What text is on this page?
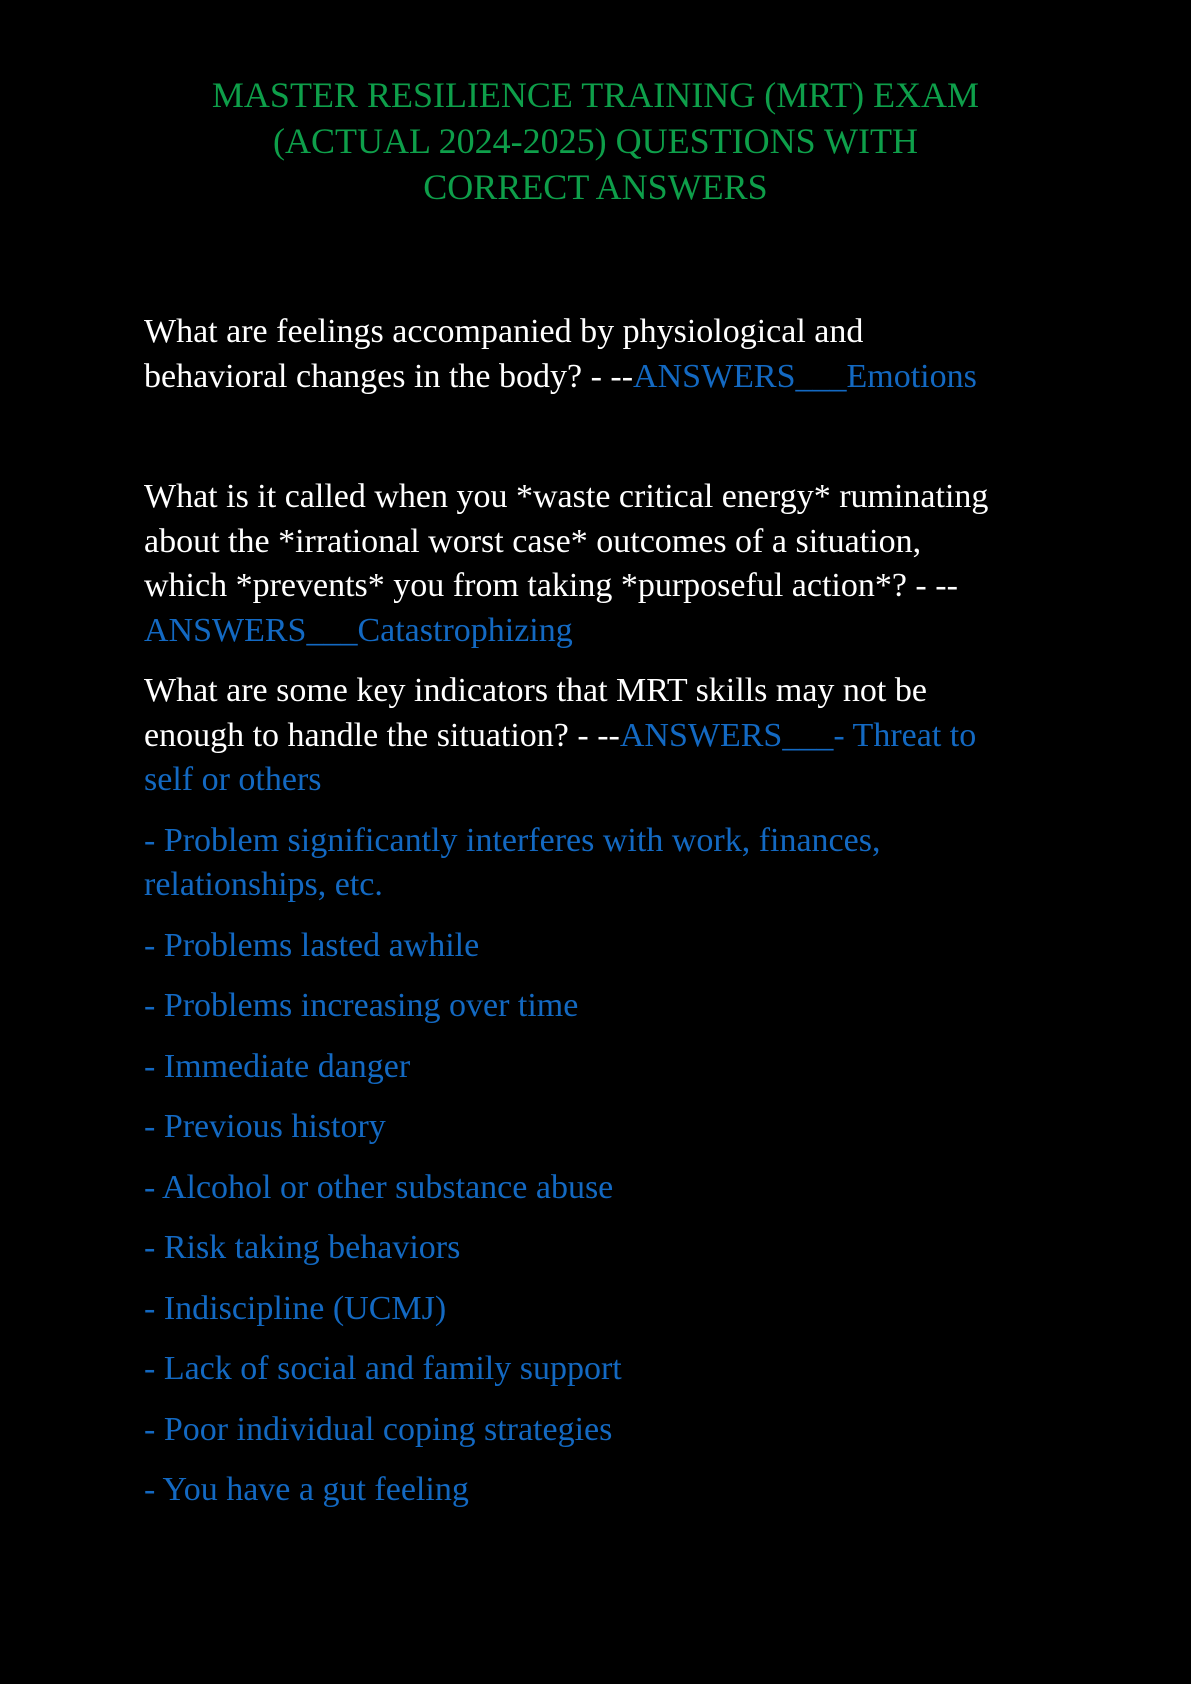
MASTER RESILIENCE TRAINING (MRT) EXAM
(ACTUAL 2024-2025) QUESTIONS WITH
CORRECT ANSWERS
What are feelings accompanied by physiological and
behavioral changes in the body? - --ANSWERS___Emotions
What is it called when you *waste critical energy* ruminating
about the *irrational worst case* outcomes of a situation,
which *prevents* you from taking *purposeful action*? - --
ANSWERS___Catastrophizing
What are some key indicators that MRT skills may not be
enough to handle the situation? - --ANSWERS___- Threat to
self or others
- Problem significantly interferes with work, finances,
relationships, etc.
- Problems lasted awhile
- Problems increasing over time
- Immediate danger
- Previous history
- Alcohol or other substance abuse
- Risk taking behaviors
- Indiscipline (UCMJ)
- Lack of social and family support
- Poor individual coping strategies
- You have a gut feeling
